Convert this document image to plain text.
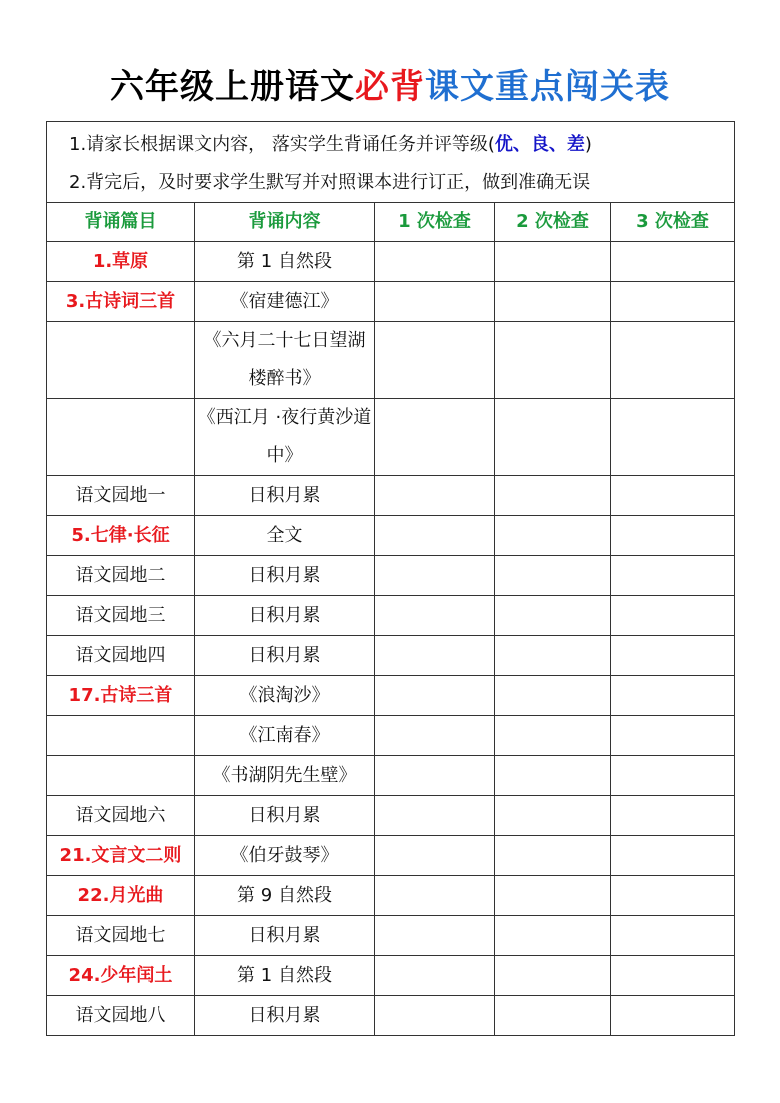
六年级上册语文必背课文重点闯关表
1.请家长根据课文内容， 落实学生背诵任务并评等级(优、良、差)
2.背完后，及时要求学生默写并对照课本进行订正，做到准确无误				

背诵篇目	背诵内容	1 次检查	2 次检查	3 次检查
1.草原	第 1 自然段			
3.古诗词三首	《宿建德江》			
	《六月二十七日望湖楼醉书》			
	《西江月 ·夜行黄沙道中》			
语文园地一	日积月累			
5.七律·长征	全文			
语文园地二	日积月累			
语文园地三	日积月累			
语文园地四	日积月累			
17.古诗三首	《浪淘沙》			
	《江南春》			
	《书湖阴先生壁》			
语文园地六	日积月累			
21.文言文二则	《伯牙鼓琴》			
22.月光曲	第 9 自然段			
语文园地七	日积月累			
24.少年闰土	第 1 自然段			
语文园地八	日积月累			
